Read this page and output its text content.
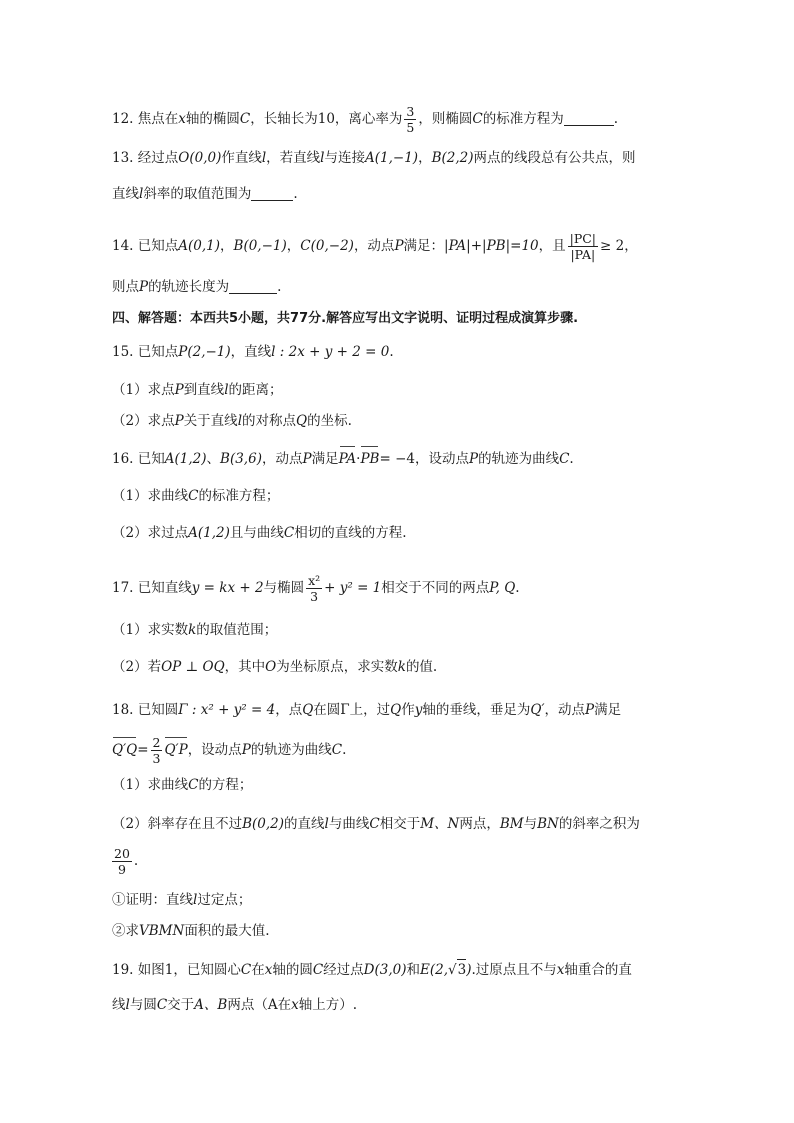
12. 焦点在x轴的椭圆C，长轴长为10，离心率为 $\frac{3}{5}$ ，则椭圆C的标准方程为	.
13. 经过点O(0,0)作直线l，若直线l与连接A(1,−1)，B(2,2)两点的线段总有公共点，则
直线l斜率的取值范围为	.
14. 已知点A(0,1)，B(0,−1)，C(0,−2)，动点P满足：|PA|+|PB|=10，且 $\frac{|PC|}{|PA|} \ge 2$，
则点P的轨迹长度为	.
四、解答题：本西共5小题，共77分.解答应写出文字说明、证明过程成演算步骤.
15. 已知点P(2,−1)，直线l : 2x + y + 2 = 0.
（1）求点P到直线l的距离；
（2）求点P关于直线l的对称点Q的坐标.
16. 已知A(1,2)、B(3,6)，动点P满足PA·PB= −4，设动点P的轨迹为曲线C.
（1）求曲线C的标准方程；
（2）求过点A(1,2)且与曲线C相切的直线的方程.
17. 已知直线y = kx + 2与椭圆 $\frac{\text{x²}}{3} + y^2 = 1$相交于不同的两点P, Q.
（1）求实数k的取值范围；
（2）若OP ⊥ OQ，其中O为坐标原点，求实数k的值.
18. 已知圆Γ : x² + y² = 4，点Q在圆Γ上，过Q作y轴的垂线，垂足为Q′，动点P满足
$Q'Q= \frac{2}{3} Q'P$，设动点P的轨迹为曲线C.
（1）求曲线C的方程；
（2）斜率存在且不过B(0,2)的直线l与曲线C相交于M、N两点，BM与BN的斜率之积为
$\frac{20}{9}$ .
①证明：直线l过定点；
②求VBMN面积的最大值.
19. 如图1，已知圆心C在x轴的圆C经过点D(3,0)和E(2,√3).过原点且不与x轴重合的直
线l与圆C交于A、B两点（A在x轴上方）.
